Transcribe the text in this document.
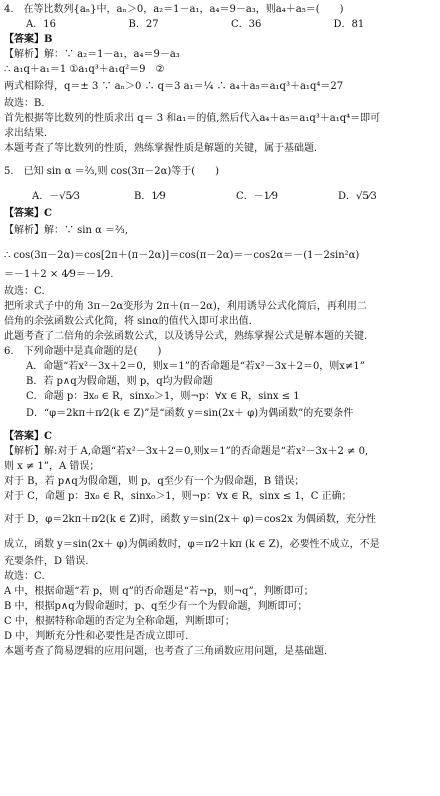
4.　在等比数列{aₙ}中，aₙ＞0，a₂＝1－a₁，a₄＝9－a₃，则a₄＋a₅＝(　　)
A．16	B．27	C．36	D．81
【答案】B
【解析】解：∵ a₂＝1－a₁，a₄＝9－a₃
∴ a₁q＋a₁＝1 ①a₁q³＋a₁q²＝9　②
两式相除得，q＝± 3 ∵ aₙ＞0 ∴ q＝3 a₁＝¼ ∴ a₄＋a₅＝a₁q³＋a₁q⁴＝27
故选：B．
首先根据等比数列的性质求出 q＝ 3 和a₁＝的值,然后代入a₄＋a₅＝a₁q³＋a₁q⁴＝即可
求出结果．
本题考查了等比数列的性质，熟练掌握性质是解题的关键，属于基础题．
5.　已知 sin α ＝⅔,则 cos(3π－2α)等于(　　)
A．－√5⁄3	B．1⁄9	C．－1⁄9	D．√5⁄3
【答案】C
【解析】解：∵ sin α ＝⅔,
∴ cos(3π－2α)＝cos[2π＋(π－2α)]＝cos(π－2α)＝－cos2α＝－(1－2sin²α)
＝－1＋2 × 4⁄9＝－1⁄9.
故选：C．
把所求式子中的角 3π－2α变形为 2π＋(π－2α)，利用诱导公式化简后，再利用二
倍角的余弦函数公式化简，将 sinα的值代入即可求出值．
此题考查了二倍角的余弦函数公式，以及诱导公式，熟练掌握公式是解本题的关键．
6.　下列命题中是真命题的是(　　)
A．命题“若x²－3x＋2＝0，则x＝1”的否命题是“若x²－3x＋2＝0，则x≠1”
B．若 p∧q为假命题，则 p，q均为假命题
C．命题 p：∃x₀ ∈ R，sinx₀＞1，则¬p：∀x ∈ R，sinx ≤ 1
D．“φ＝2kπ＋π⁄2(k ∈ Z)”是“函数 y＝sin(2x＋ φ)为偶函数”的充要条件
【答案】C
【解析】解:对于 A,命题“若x²－3x＋2＝0,则x＝1”的否命题是“若x²－3x＋2 ≠ 0,
则 x ≠ 1”，A 错误；
对于 B，若 p∧q为假命题，则 p，q至少有一个为假命题，B 错误；
对于 C，命题 p：∃x₀ ∈ R，sinx₀＞1，则¬p：∀x ∈ R，sinx ≤ 1，C 正确；
对于 D，φ＝2kπ＋π⁄2(k ∈ Z)时，函数 y＝sin(2x＋ φ)＝cos2x 为偶函数，充分性
成立，函数 y＝sin(2x＋ φ)为偶函数时，φ＝π⁄2＋kπ (k ∈ Z)，必要性不成立，不是
充要条件，D 错误．
故选：C．
A 中，根据命题“若 p，则 q”的否命题是“若¬p，则¬q”，判断即可；
B 中，根据p∧q为假命题时，p、q至少有一个为假命题，判断即可；
C 中，根据特称命题的否定为全称命题，判断即可；
D 中，判断充分性和必要性是否成立即可．
本题考查了简易逻辑的应用问题，也考查了三角函数应用问题，是基础题．
